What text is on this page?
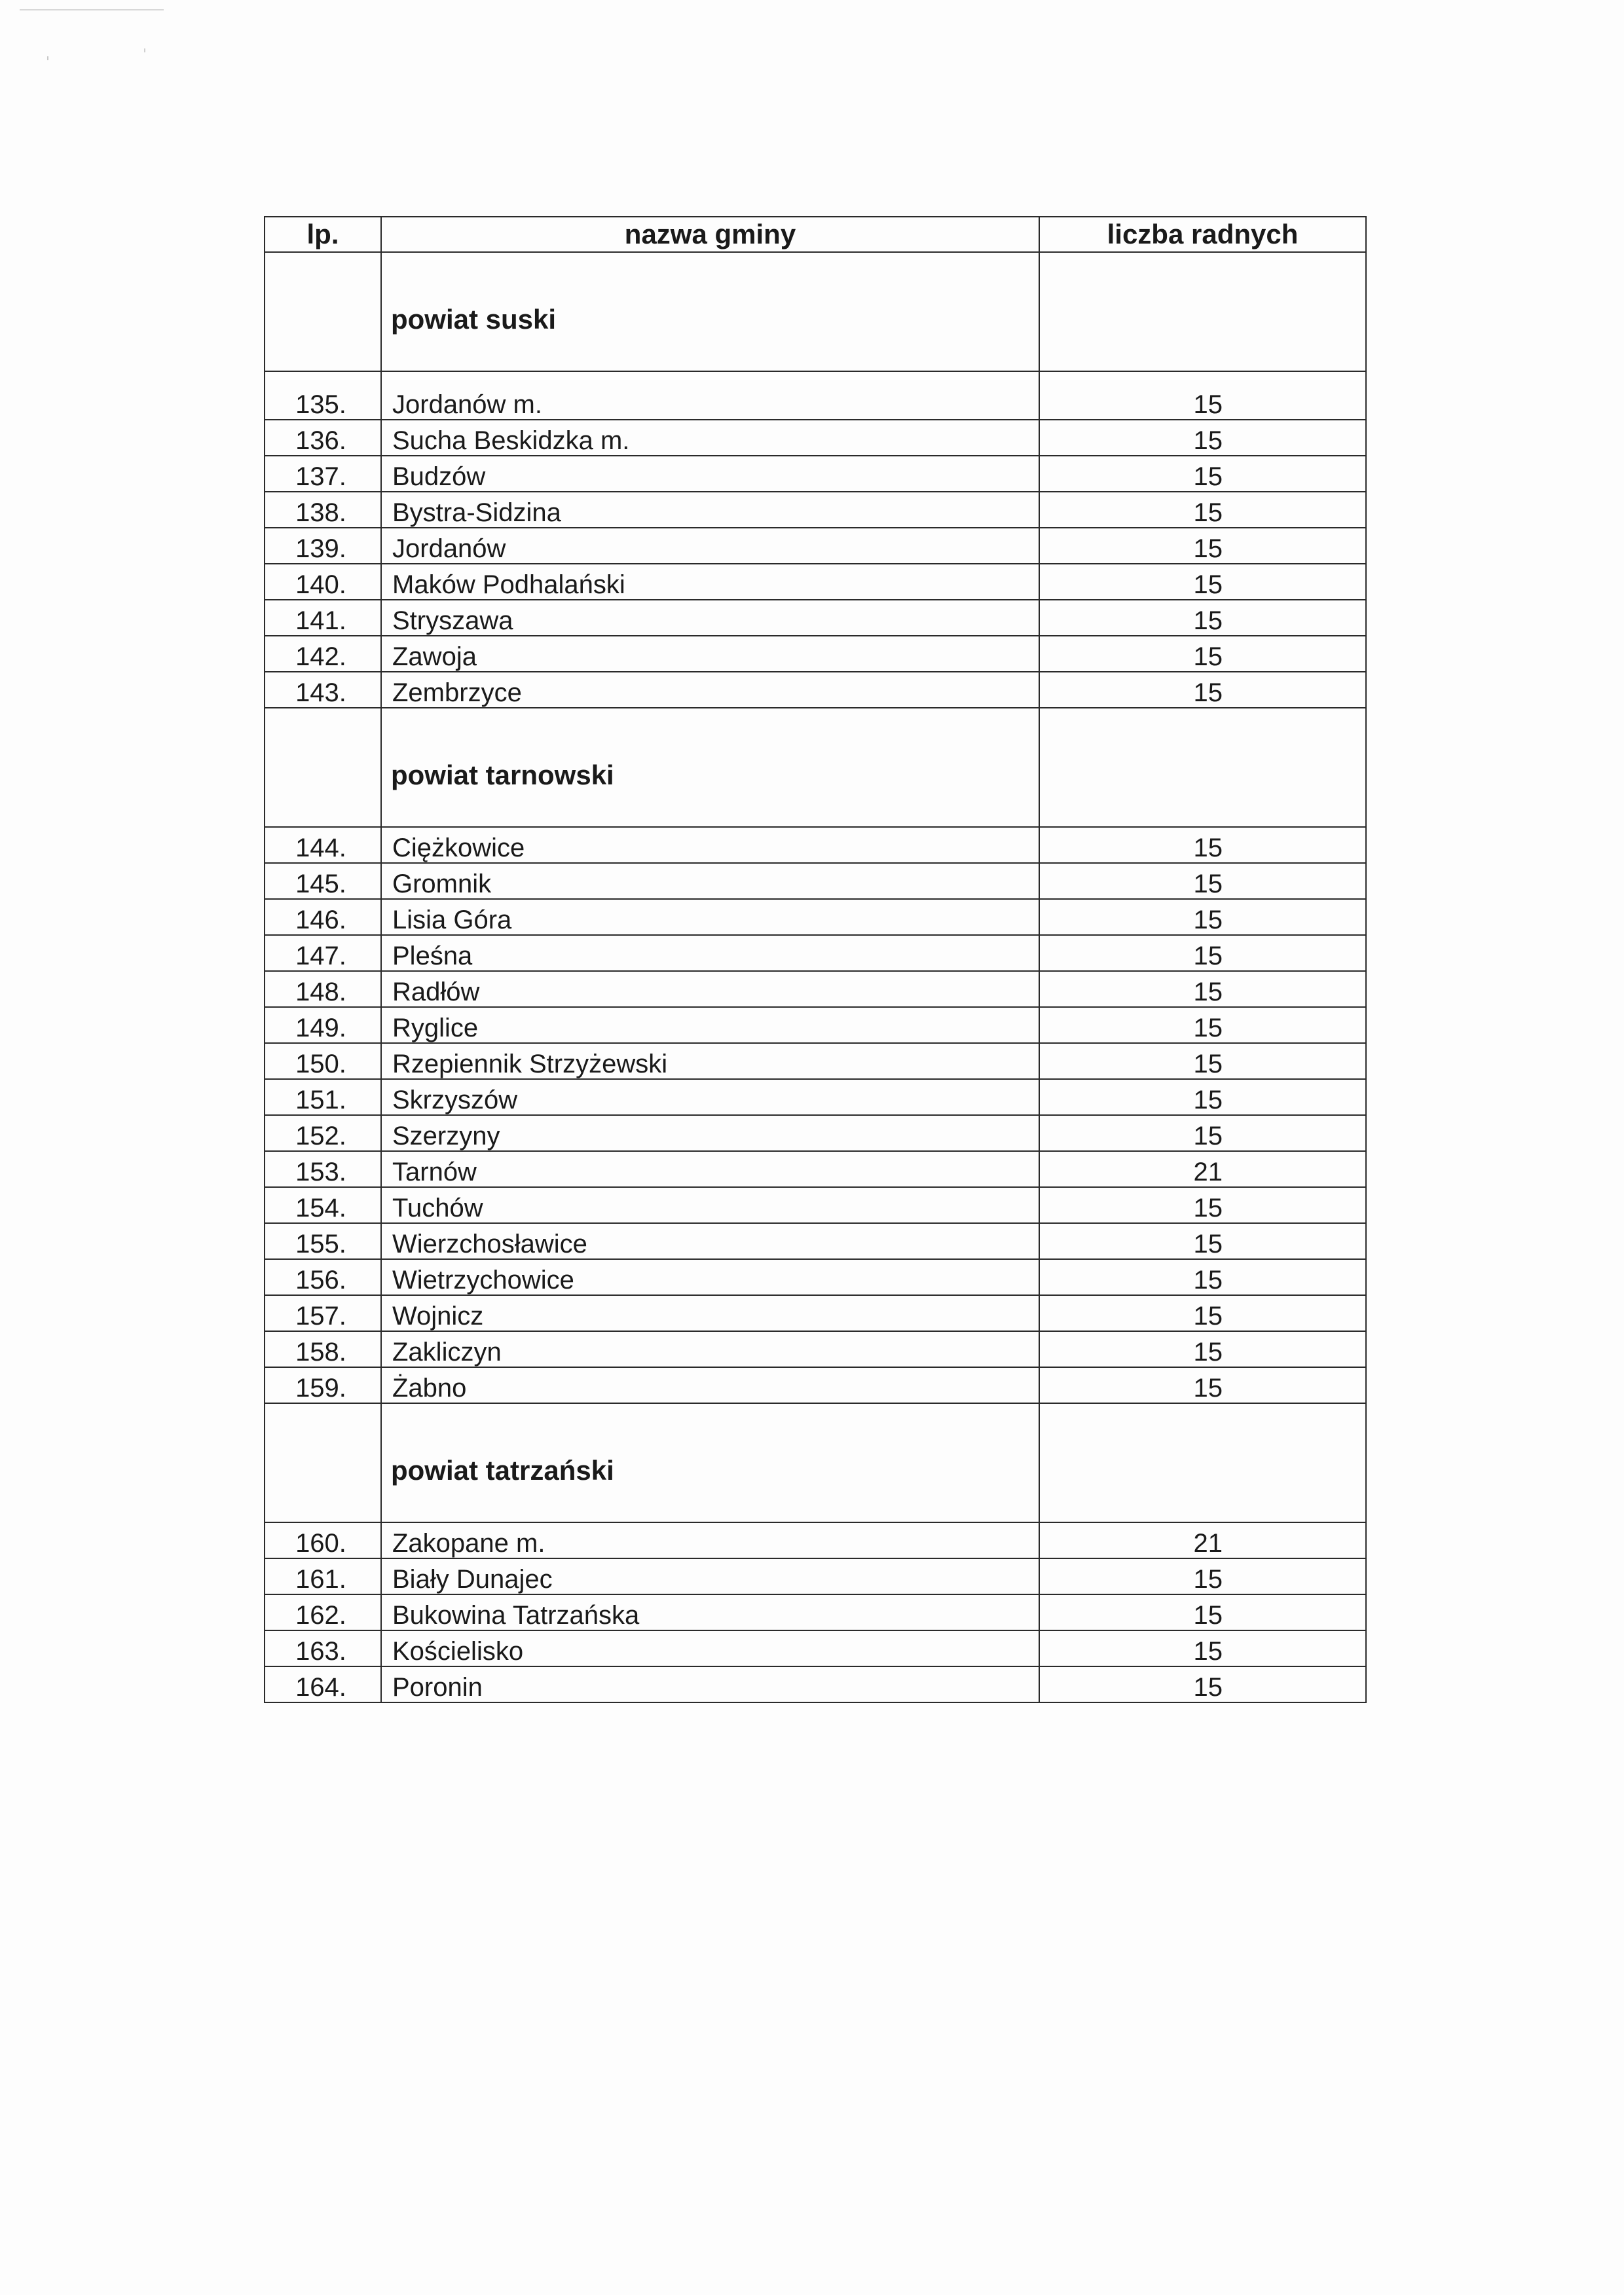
lp.	nazwa gminy	liczba radnych
	powiat suski	
135.	Jordanów m.	15
136.	Sucha Beskidzka m.	15
137.	Budzów	15
138.	Bystra-Sidzina	15
139.	Jordanów	15
140.	Maków Podhalański	15
141.	Stryszawa	15
142.	Zawoja	15
143.	Zembrzyce	15
	powiat tarnowski	
144.	Ciężkowice	15
145.	Gromnik	15
146.	Lisia Góra	15
147.	Pleśna	15
148.	Radłów	15
149.	Ryglice	15
150.	Rzepiennik Strzyżewski	15
151.	Skrzyszów	15
152.	Szerzyny	15
153.	Tarnów	21
154.	Tuchów	15
155.	Wierzchosławice	15
156.	Wietrzychowice	15
157.	Wojnicz	15
158.	Zakliczyn	15
159.	Żabno	15
	powiat tatrzański	
160.	Zakopane m.	21
161.	Biały Dunajec	15
162.	Bukowina Tatrzańska	15
163.	Kościelisko	15
164.	Poronin	15
